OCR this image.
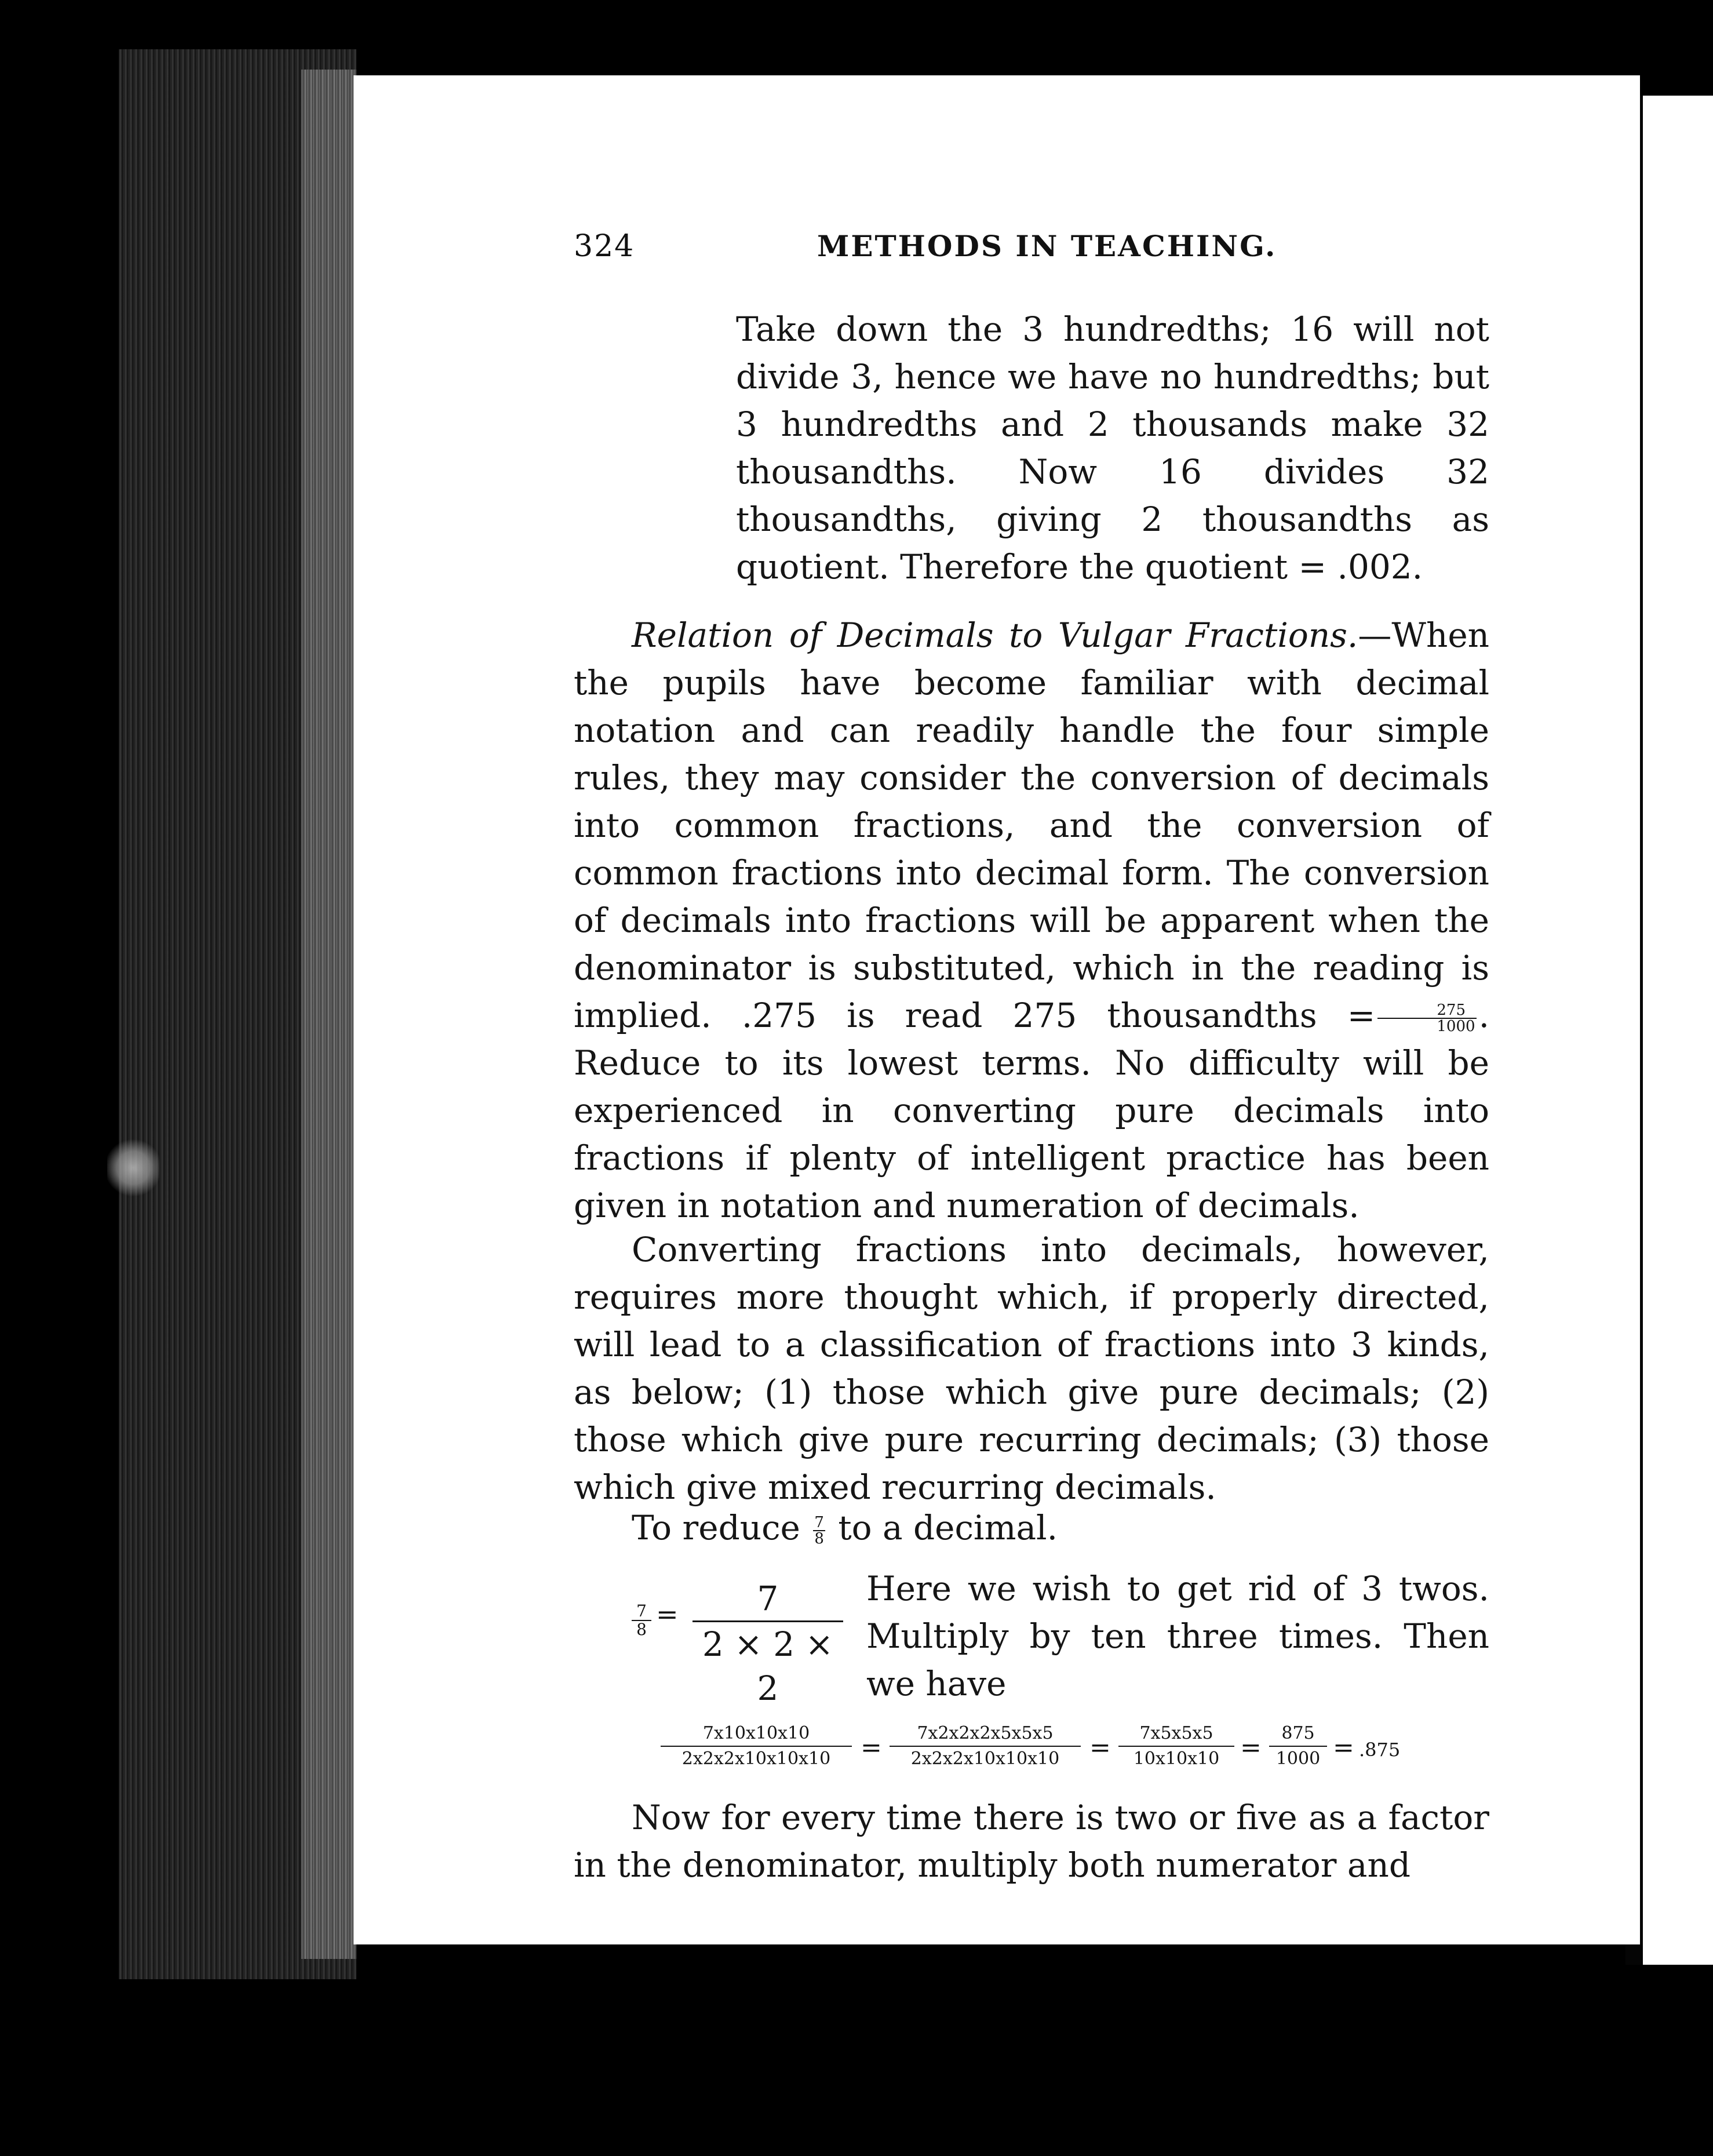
324	METHODS IN TEACHING.
Take down the 3 hundredths; 16 will not divide 3, hence we have no hundredths; but 3 hundredths and 2 thousands make 32 thousandths. Now 16 divides 32 thousandths, giving 2 thousandths as quotient. Therefore the quotient = .002.
Relation of Decimals to Vulgar Fractions.—When the pupils have become familiar with decimal notation and can readily handle the four simple rules, they may consider the conversion of decimals into common fractions, and the conversion of common fractions into decimal form. The conversion of decimals into fractions will be apparent when the denominator is substituted, which in the reading is implied. .275 is read 275 thousandths = $\frac{275}{1000}$ . Reduce to its lowest terms. No difficulty will be experienced in converting pure decimals into fractions if plenty of intelligent practice has been given in notation and numeration of decimals.
Converting fractions into decimals, however, requires more thought which, if properly directed, will lead to a classification of fractions into 3 kinds, as below; (1) those which give pure decimals; (2) those which give pure recurring decimals; (3) those which give mixed recurring decimals.
To reduce $\frac{7}{8}$ to a decimal.
$\frac{7}{8} = \frac{7}{2 \times 2 \times 2}$ Here we wish to get rid of 3 twos. Multiply by ten three times. Then we have
$\frac{7x10x10x10}{2x2x2x10x10x10} = \frac{7x2x2x2x5x5x5}{2x2x2x10x10x10} = \frac{7x5x5x5}{10x10x10} = \frac{875}{1000} = .875$
Now for every time there is two or five as a factor in the denominator, multiply both numerator and
